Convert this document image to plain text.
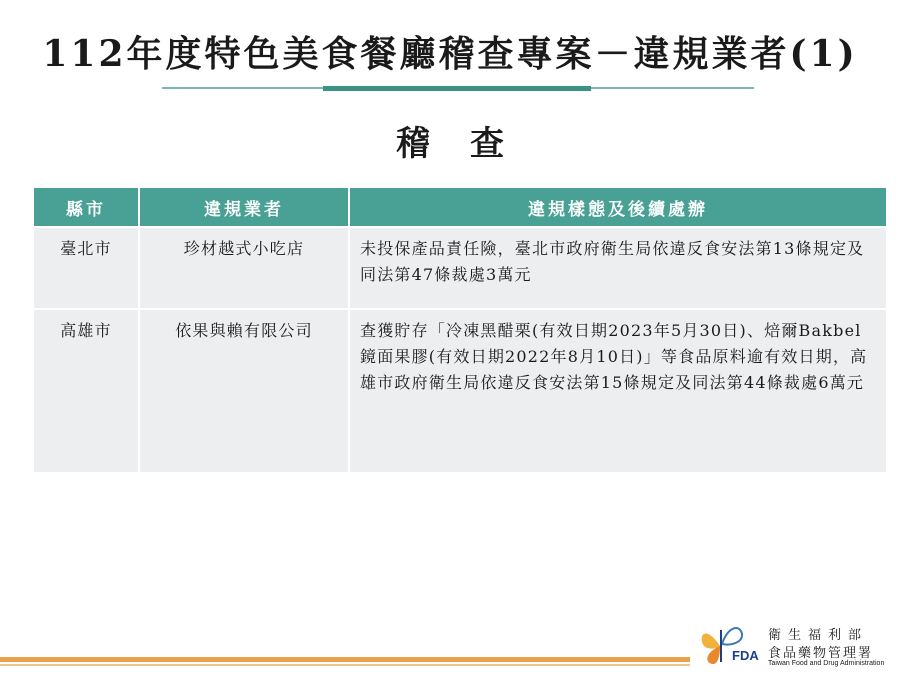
112年度特色美食餐廳稽查專案－違規業者(1)
稽查
縣市	違規業者	違規樣態及後續處辦
臺北市	珍材越式小吃店	未投保產品責任險，臺北市政府衛生局依違反食安法第13條規定及同法第47條裁處3萬元
高雄市	依果與賴有限公司	查獲貯存「冷凍黑醋栗(有效日期2023年5月30日)、焙爾Bakbel鏡面果膠(有效日期2022年8月10日)」等食品原料逾有效日期，高雄市政府衛生局依違反食安法第15條規定及同法第44條裁處6萬元
FDA
衛生福利部
食品藥物管理署
Taiwan Food and Drug Administration
